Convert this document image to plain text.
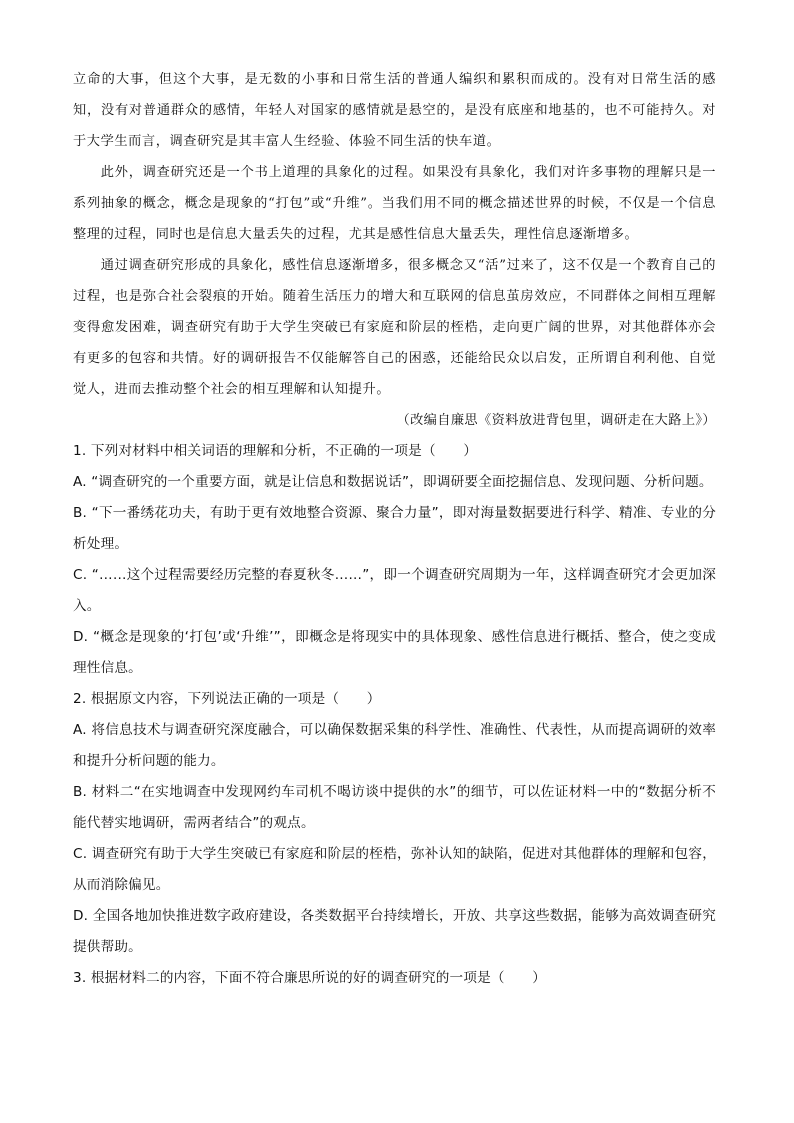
立命的大事，但这个大事，是无数的小事和日常生活的普通人编织和累积而成的。没有对日常生活的感知，没有对普通群众的感情，年轻人对国家的感情就是悬空的，是没有底座和地基的，也不可能持久。对于大学生而言，调查研究是其丰富人生经验、体验不同生活的快车道。

此外，调查研究还是一个书上道理的具象化的过程。如果没有具象化，我们对许多事物的理解只是一系列抽象的概念，概念是现象的“打包”或“升维”。当我们用不同的概念描述世界的时候，不仅是一个信息整理的过程，同时也是信息大量丢失的过程，尤其是感性信息大量丢失，理性信息逐渐增多。

通过调查研究形成的具象化，感性信息逐渐增多，很多概念又“活”过来了，这不仅是一个教育自己的过程，也是弥合社会裂痕的开始。随着生活压力的增大和互联网的信息茧房效应，不同群体之间相互理解变得愈发困难，调查研究有助于大学生突破已有家庭和阶层的桎梏，走向更广阔的世界，对其他群体亦会有更多的包容和共情。好的调研报告不仅能解答自己的困惑，还能给民众以启发，正所谓自利利他、自觉觉人，进而去推动整个社会的相互理解和认知提升。

（改编自廉思《资料放进背包里，调研走在大路上》）

1. 下列对材料中相关词语的理解和分析，不正确的一项是（　　）

A. “调查研究的一个重要方面，就是让信息和数据说话”，即调研要全面挖掘信息、发现问题、分析问题。

B. “下一番绣花功夫，有助于更有效地整合资源、聚合力量”，即对海量数据要进行科学、精准、专业的分析处理。

C. “……这个过程需要经历完整的春夏秋冬……”，即一个调查研究周期为一年，这样调查研究才会更加深入。

D. “概念是现象的‘打包’或‘升维’”，即概念是将现实中的具体现象、感性信息进行概括、整合，使之变成理性信息。

2. 根据原文内容，下列说法正确的一项是（　　）

A. 将信息技术与调查研究深度融合，可以确保数据采集的科学性、准确性、代表性，从而提高调研的效率和提升分析问题的能力。

B. 材料二“在实地调查中发现网约车司机不喝访谈中提供的水”的细节，可以佐证材料一中的“数据分析不能代替实地调研，需两者结合”的观点。

C. 调查研究有助于大学生突破已有家庭和阶层的桎梏，弥补认知的缺陷，促进对其他群体的理解和包容，从而消除偏见。

D. 全国各地加快推进数字政府建设，各类数据平台持续增长，开放、共享这些数据，能够为高效调查研究提供帮助。

3. 根据材料二的内容，下面不符合廉思所说的好的调查研究的一项是（　　）
